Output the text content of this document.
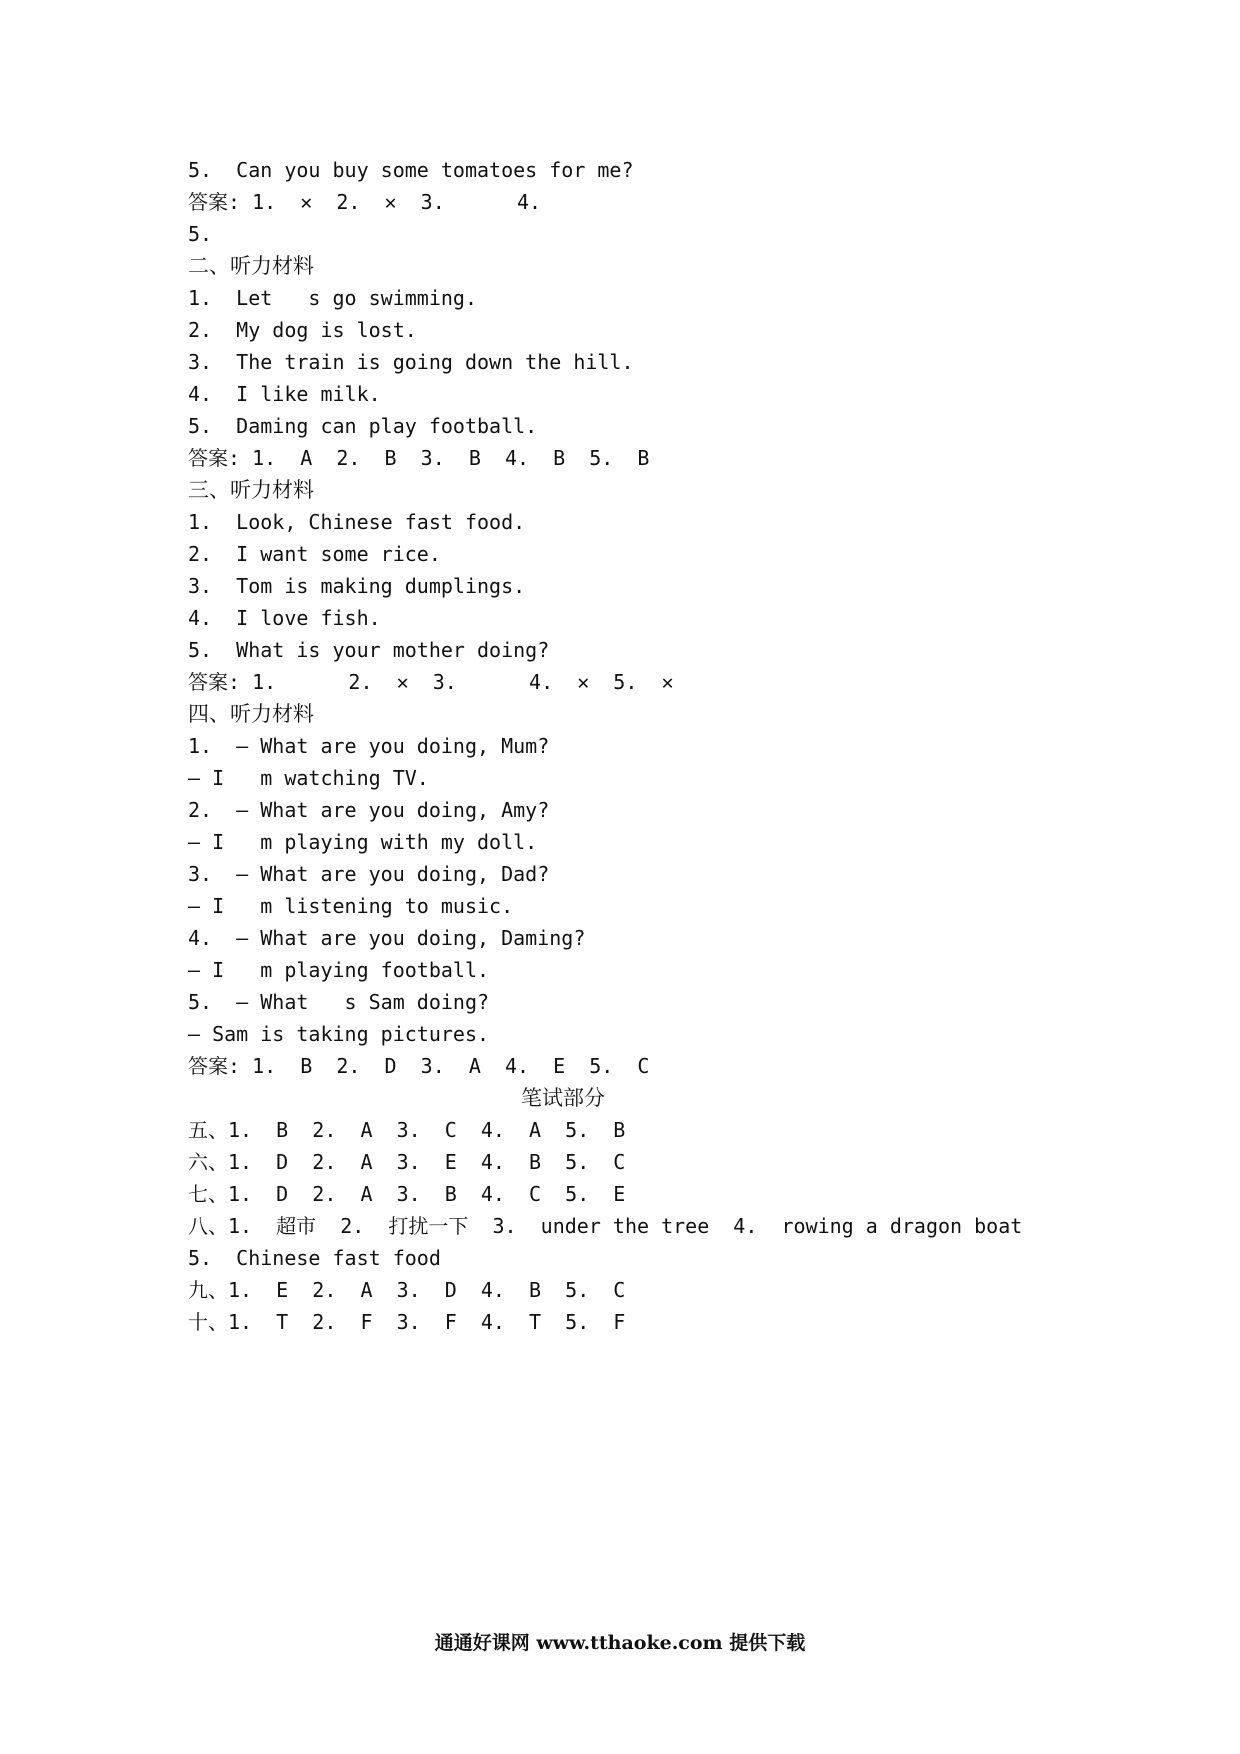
5.  Can you buy some tomatoes for me?
答案: 1.  ✕  2.  ✕  3.      4.
5.
二、听力材料
1.  Let   s go swimming.
2.  My dog is lost.
3.  The train is going down the hill.
4.  I like milk.
5.  Daming can play football.
答案: 1.  A  2.  B  3.  B  4.  B  5.  B
三、听力材料
1.  Look, Chinese fast food.
2.  I want some rice.
3.  Tom is making dumplings.
4.  I love fish.
5.  What is your mother doing?
答案: 1.      2.  ✕  3.      4.  ✕  5.  ✕
四、听力材料
1.  — What are you doing, Mum?
— I   m watching TV.
2.  — What are you doing, Amy?
— I   m playing with my doll.
3.  — What are you doing, Dad?
— I   m listening to music.
4.  — What are you doing, Daming?
— I   m playing football.
5.  — What   s Sam doing?
— Sam is taking pictures.
答案: 1.  B  2.  D  3.  A  4.  E  5.  C
笔试部分
五、1.  B  2.  A  3.  C  4.  A  5.  B
六、1.  D  2.  A  3.  E  4.  B  5.  C
七、1.  D  2.  A  3.  B  4.  C  5.  E
八、1.  超市  2.  打扰一下  3.  under the tree  4.  rowing a dragon boat
5.  Chinese fast food
九、1.  E  2.  A  3.  D  4.  B  5.  C
十、1.  T  2.  F  3.  F  4.  T  5.  F
通通好课网 www.tthaoke.com 提供下载
